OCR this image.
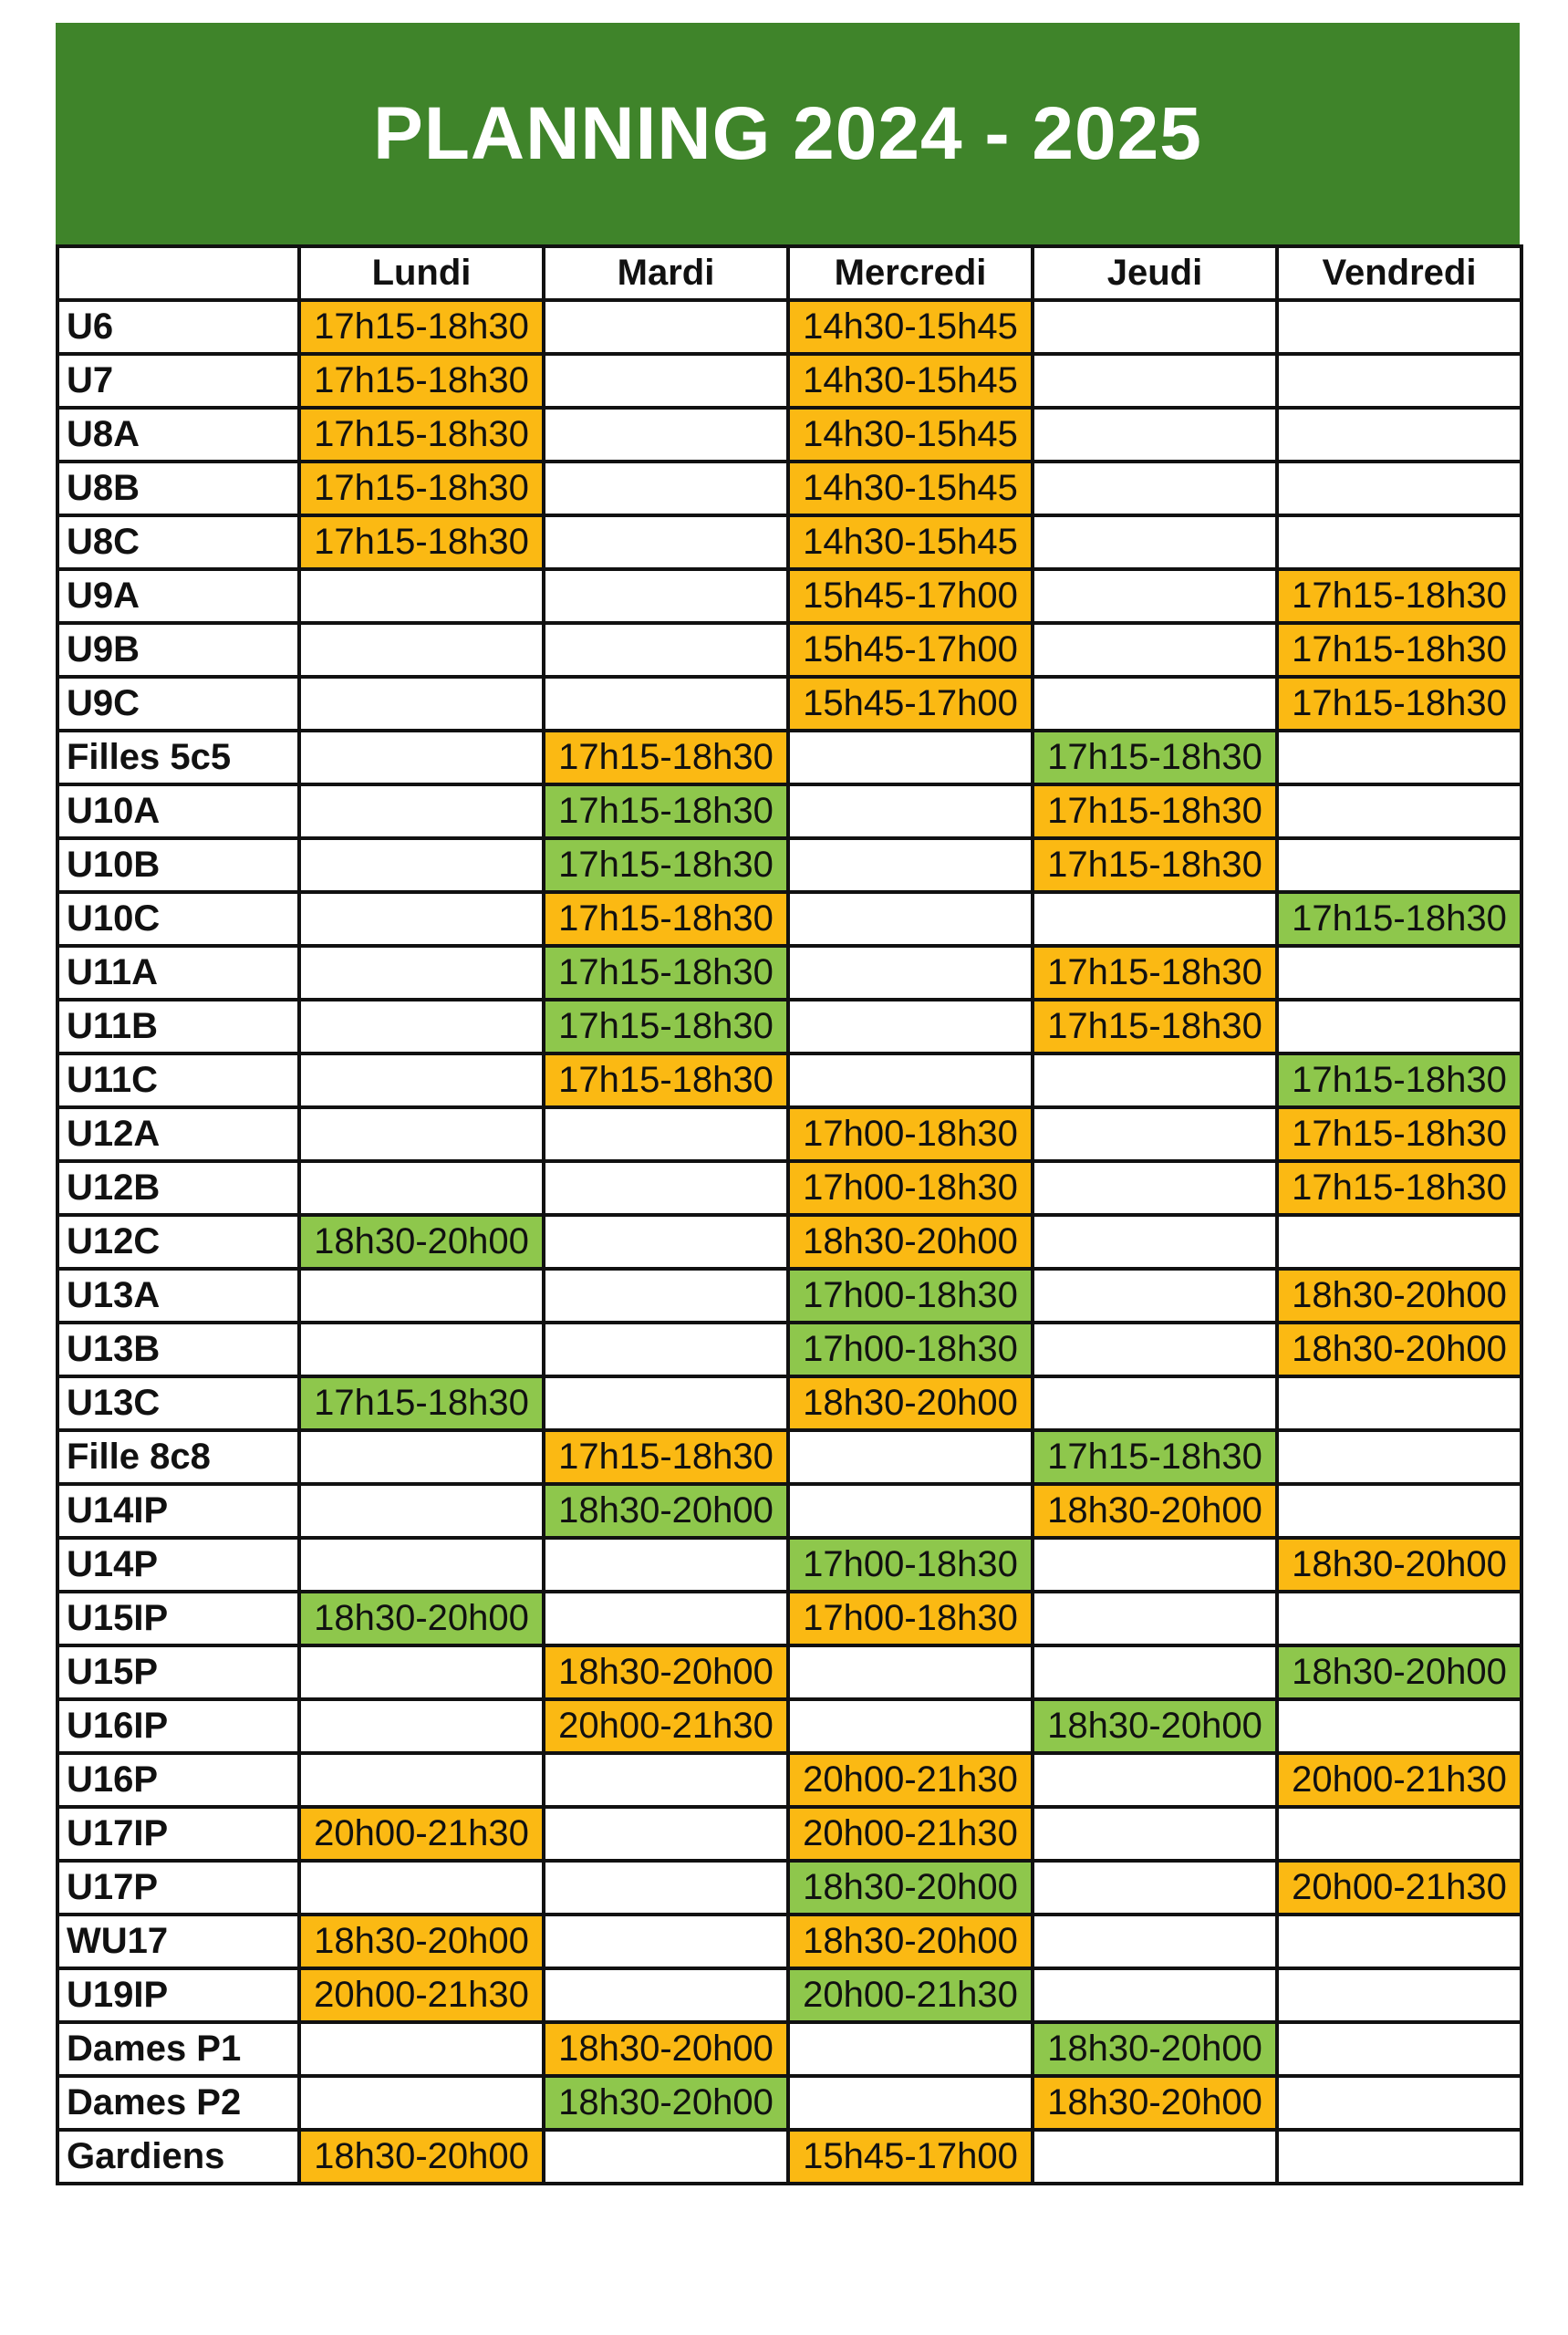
PLANNING 2024 - 2025
	Lundi	Mardi	Mercredi	Jeudi	Vendredi
U6	17h15-18h30		14h30-15h45		
U7	17h15-18h30		14h30-15h45		
U8A	17h15-18h30		14h30-15h45		
U8B	17h15-18h30		14h30-15h45		
U8C	17h15-18h30		14h30-15h45		
U9A			15h45-17h00		17h15-18h30
U9B			15h45-17h00		17h15-18h30
U9C			15h45-17h00		17h15-18h30
Filles 5c5		17h15-18h30		17h15-18h30	
U10A		17h15-18h30		17h15-18h30	
U10B		17h15-18h30		17h15-18h30	
U10C		17h15-18h30			17h15-18h30
U11A		17h15-18h30		17h15-18h30	
U11B		17h15-18h30		17h15-18h30	
U11C		17h15-18h30			17h15-18h30
U12A			17h00-18h30		17h15-18h30
U12B			17h00-18h30		17h15-18h30
U12C	18h30-20h00		18h30-20h00		
U13A			17h00-18h30		18h30-20h00
U13B			17h00-18h30		18h30-20h00
U13C	17h15-18h30		18h30-20h00		
Fille 8c8		17h15-18h30		17h15-18h30	
U14IP		18h30-20h00		18h30-20h00	
U14P			17h00-18h30		18h30-20h00
U15IP	18h30-20h00		17h00-18h30		
U15P		18h30-20h00			18h30-20h00
U16IP		20h00-21h30		18h30-20h00	
U16P			20h00-21h30		20h00-21h30
U17IP	20h00-21h30		20h00-21h30		
U17P			18h30-20h00		20h00-21h30
WU17	18h30-20h00		18h30-20h00		
U19IP	20h00-21h30		20h00-21h30		
Dames P1		18h30-20h00		18h30-20h00	
Dames P2		18h30-20h00		18h30-20h00	
Gardiens	18h30-20h00		15h45-17h00		
